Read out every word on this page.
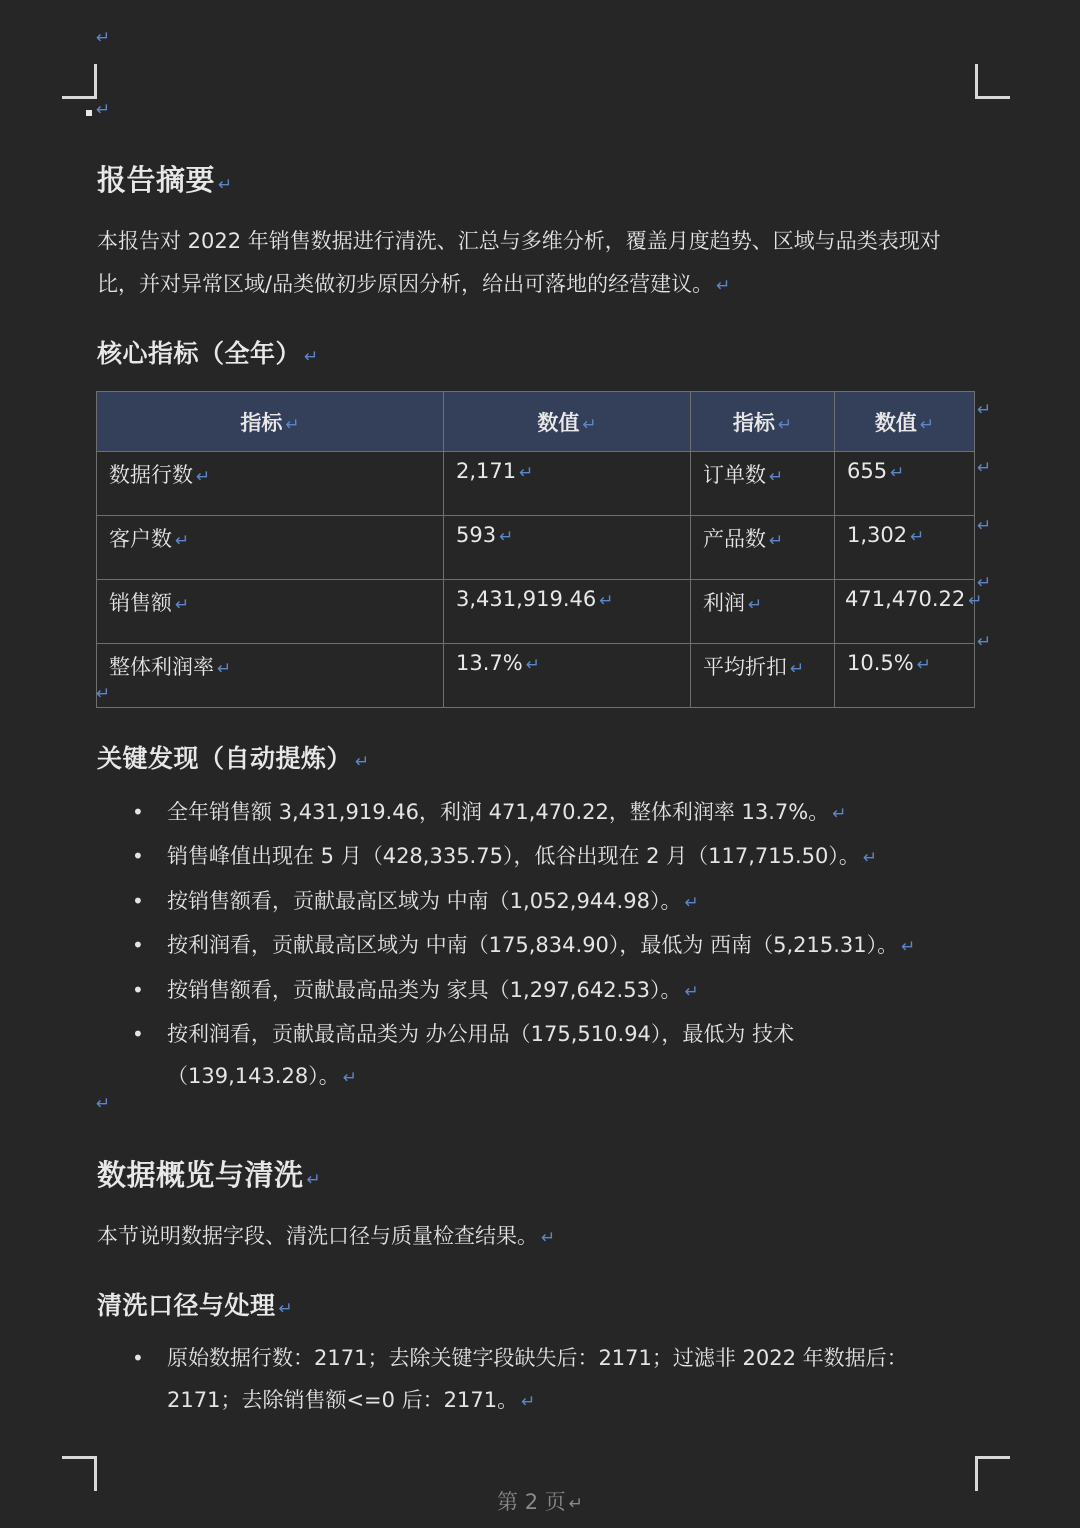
↵
↵
报告摘要 ↵

本报告对 2022 年销售数据进行清洗、汇总与多维分析，覆盖月度趋势、区域与品类表现对比，并对异常区域/品类做初步原因分析，给出可落地的经营建议。 ↵

核心指标（全年） ↵
指标 ↵	数值 ↵	指标 ↵	数值 ↵
数据行数 ↵	2,171 ↵	订单数 ↵	655 ↵
客户数 ↵	593 ↵	产品数 ↵	1,302 ↵
销售额 ↵	3,431,919.46 ↵	利润 ↵	471,470.22 ↵
整体利润率 ↵	13.7% ↵	平均折扣 ↵	10.5% ↵
↵
↵
↵
↵
↵
↵
关键发现（自动提炼） ↵
• 全年销售额 3,431,919.46，利润 471,470.22，整体利润率 13.7%。 ↵
• 销售峰值出现在 5 月（428,335.75），低谷出现在 2 月（117,715.50）。 ↵
• 按销售额看，贡献最高区域为 中南（1,052,944.98）。 ↵
• 按利润看，贡献最高区域为 中南（175,834.90），最低为 西南（5,215.31）。 ↵
• 按销售额看，贡献最高品类为 家具（1,297,642.53）。 ↵
• 按利润看，贡献最高品类为 办公用品（175,510.94），最低为 技术（139,143.28）。 ↵
↵
数据概览与清洗 ↵

本节说明数据字段、清洗口径与质量检查结果。 ↵

清洗口径与处理 ↵
• 原始数据行数：2171；去除关键字段缺失后：2171；过滤非 2022 年数据后：2171；去除销售额<=0 后：2171。 ↵
第 2 页 ↵
